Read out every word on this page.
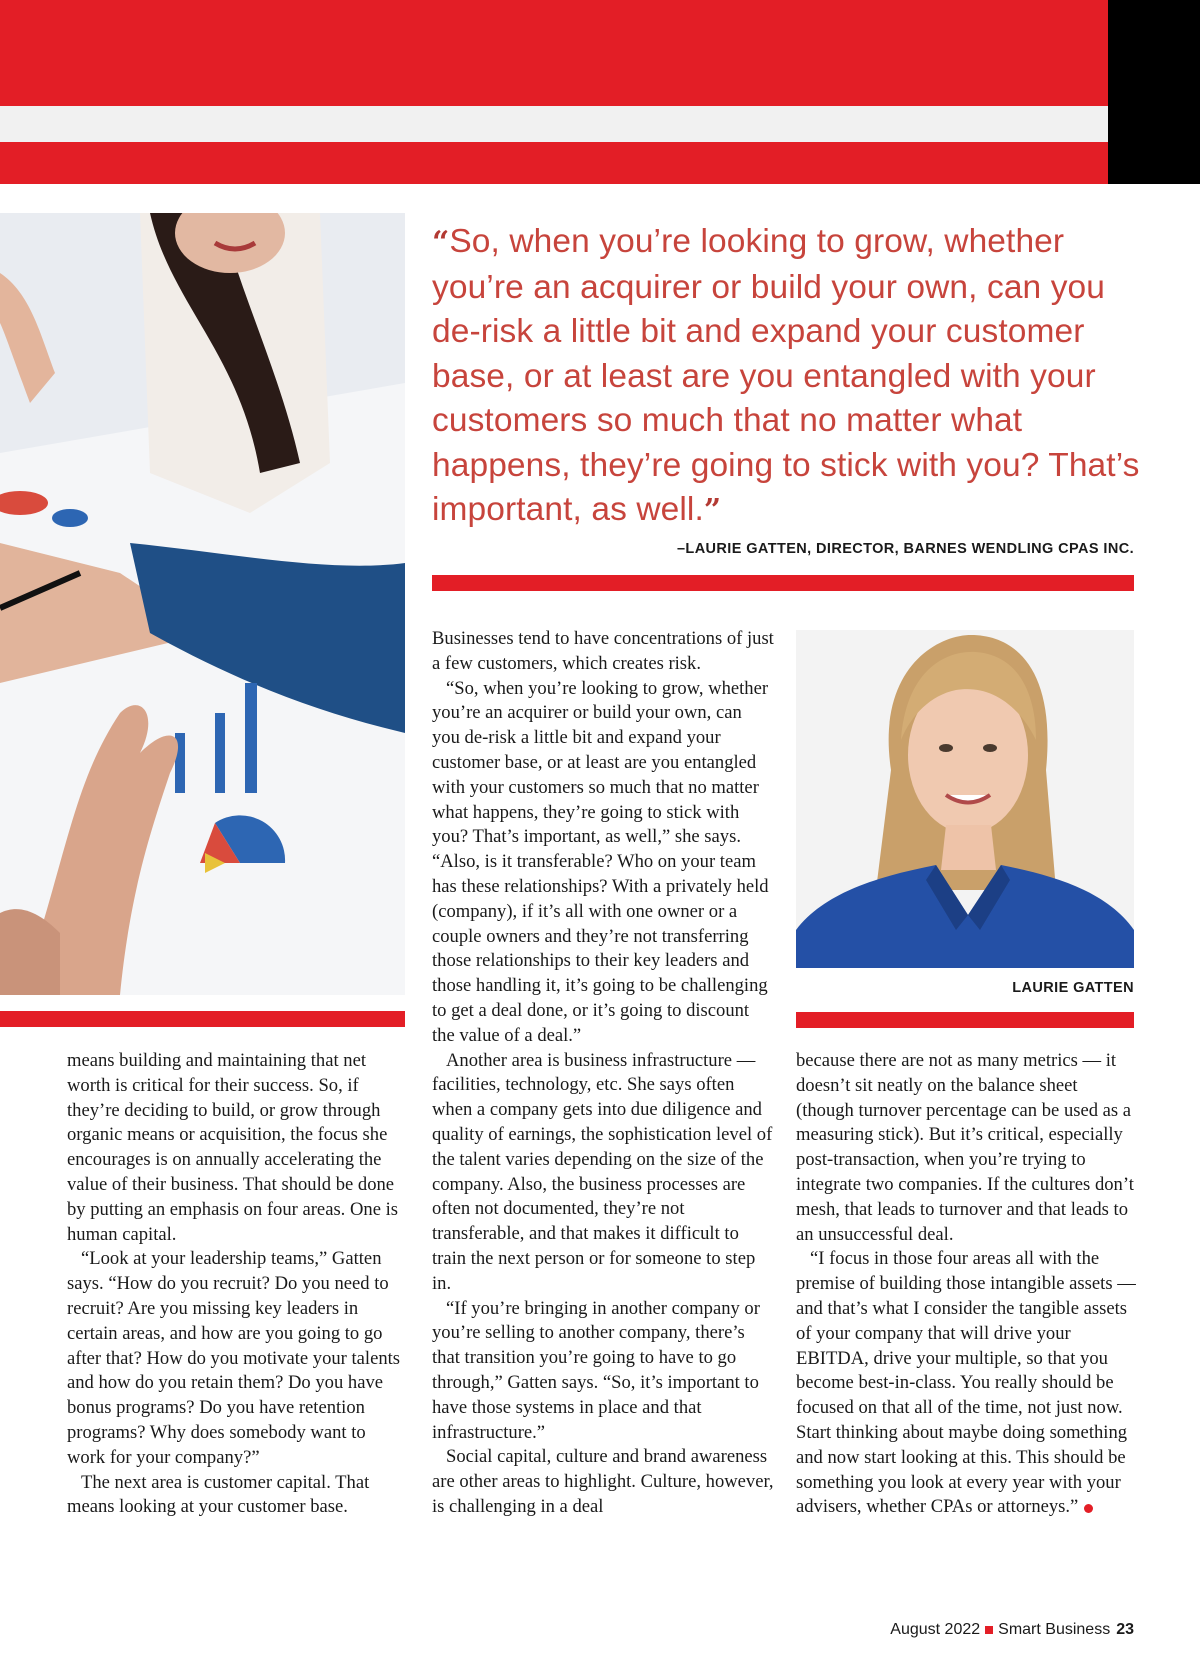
“So, when you’re looking to grow, whether you’re an acquirer or build your own, can you de-risk a little bit and expand your customer base, or at least are you entangled with your customers so much that no matter what happens, they’re going to stick with you? That’s important, as well.”
–LAURIE GATTEN, DIRECTOR, BARNES WENDLING CPAS INC.

means building and maintaining that net worth is critical for their success. So, if they’re deciding to build, or grow through organic means or acquisition, the focus she encourages is on annually accelerating the value of their business. That should be done by putting an emphasis on four areas. One is human capital.

“Look at your leadership teams,” Gatten says. “How do you recruit? Do you need to recruit? Are you missing key leaders in certain areas, and how are you going to go after that? How do you motivate your talents and how do you retain them? Do you have bonus programs? Do you have retention programs? Why does somebody want to work for your company?”

The next area is customer capital. That means looking at your customer base.

Businesses tend to have concentrations of just a few customers, which creates risk.

“So, when you’re looking to grow, whether you’re an acquirer or build your own, can you de-risk a little bit and expand your customer base, or at least are you entangled with your customers so much that no matter what happens, they’re going to stick with you? That’s important, as well,” she says. “Also, is it transferable? Who on your team has these relationships? With a privately held (company), if it’s all with one owner or a couple owners and they’re not transferring those relationships to their key leaders and those handling it, it’s going to be challenging to get a deal done, or it’s going to discount the value of a deal.”

Another area is business infrastructure — facilities, technology, etc. She says often when a company gets into due diligence and quality of earnings, the sophistication level of the talent varies depending on the size of the company. Also, the business processes are often not documented, they’re not transferable, and that makes it difficult to train the next person or for someone to step in.

“If you’re bringing in another company or you’re selling to another company, there’s that transition you’re going to have to go through,” Gatten says. “So, it’s important to have those systems in place and that infrastructure.”

Social capital, culture and brand awareness are other areas to highlight. Culture, however, is challenging in a deal

LAURIE GATTEN

because there are not as many metrics — it doesn’t sit neatly on the balance sheet (though turnover percentage can be used as a measuring stick). But it’s critical, especially post-transaction, when you’re trying to integrate two companies. If the cultures don’t mesh, that leads to turnover and that leads to an unsuccessful deal.

“I focus in those four areas all with the premise of building those intangible assets — and that’s what I consider the tangible assets of your company that will drive your EBITDA, drive your multiple, so that you become best-in-class. You really should be focused on that all of the time, not just now. Start thinking about maybe doing something and now start looking at this. This should be something you look at every year with your advisers, whether CPAs or attorneys.”

August 2022 Smart Business 23
